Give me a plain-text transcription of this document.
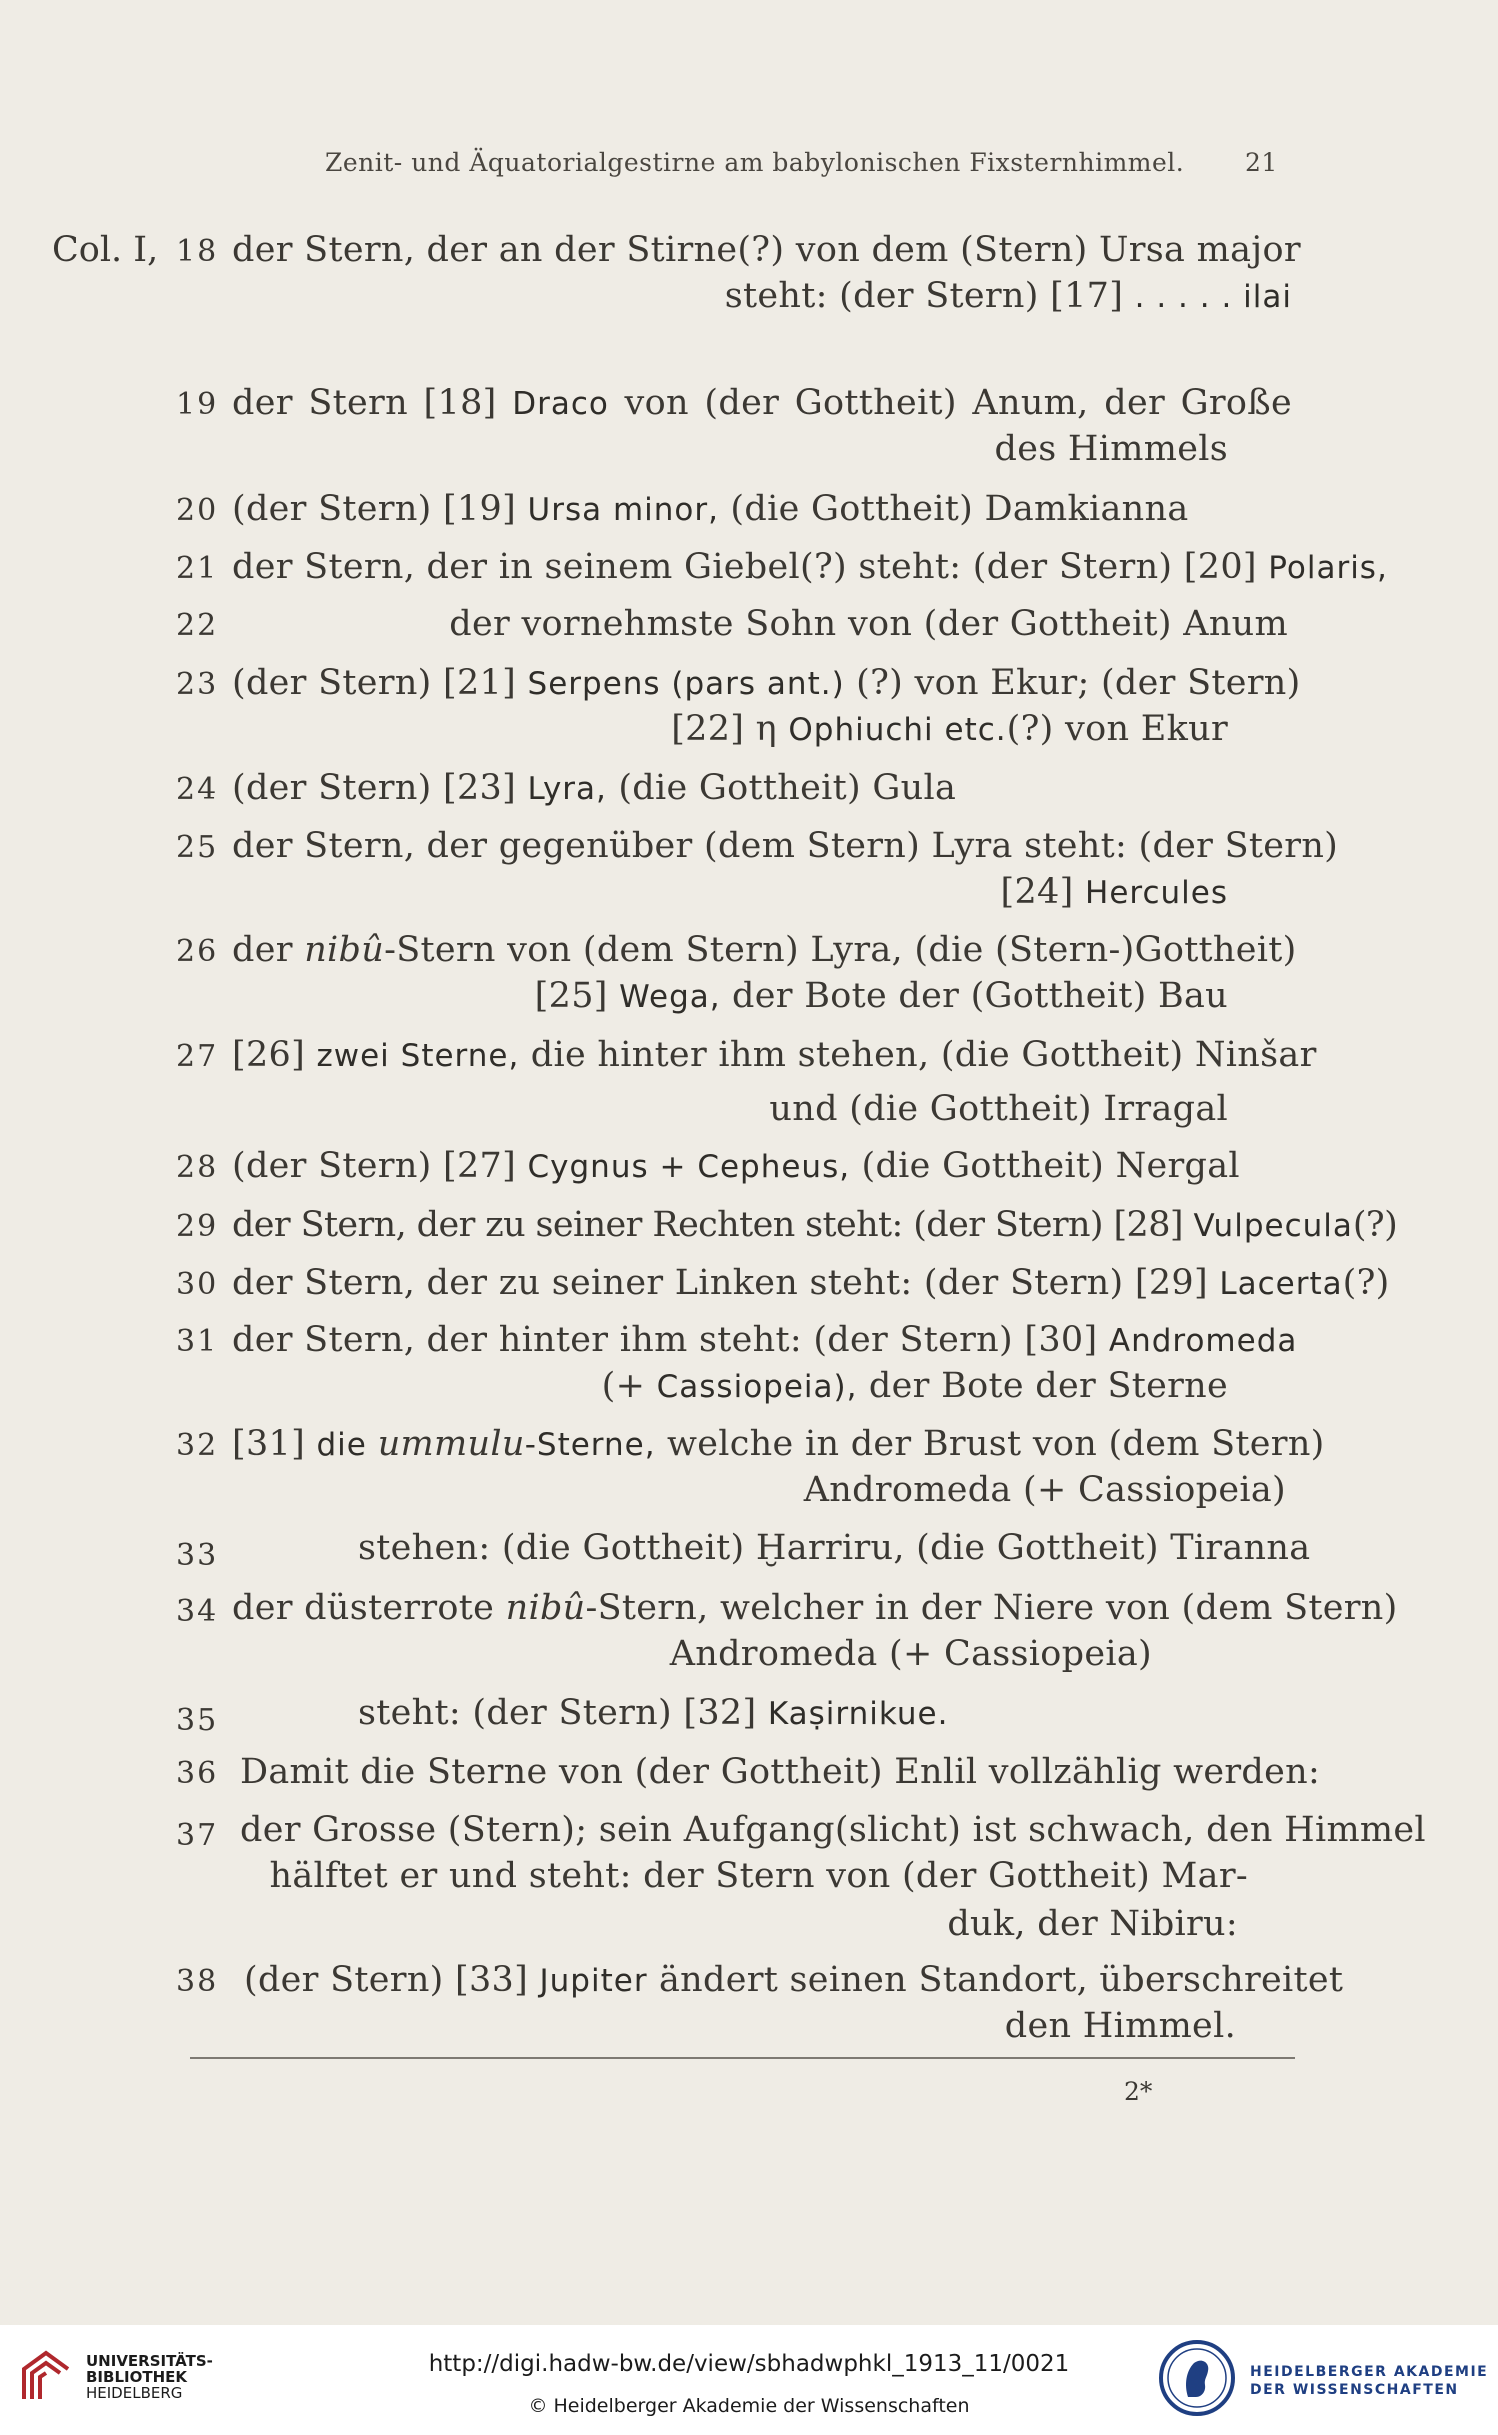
Zenit- und Äquatorialgestirne am babylonischen Fixsternhimmel. 21
Col. I, 18 der Stern, der an der Stirne(?) von dem (Stern) Ursa major
steht: (der Stern) [17] . . . . . ilai
19 der Stern [18] Draco von (der Gottheit) Anum, der Große
des Himmels
20 (der Stern) [19] Ursa minor, (die Gottheit) Damkianna
21 der Stern, der in seinem Giebel(?) steht: (der Stern) [20] Polaris,
22	der vornehmste Sohn von (der Gottheit) Anum
23 (der Stern) [21] Serpens (pars ant.) (?) von Ekur; (der Stern)
[22] η Ophiuchi etc.(?) von Ekur
24 (der Stern) [23] Lyra, (die Gottheit) Gula
25 der Stern, der gegenüber (dem Stern) Lyra steht: (der Stern)
[24] Hercules
26 der nibû-Stern von (dem Stern) Lyra, (die (Stern-)Gottheit)
[25] Wega, der Bote der (Gottheit) Bau
27 [26] zwei Sterne, die hinter ihm stehen, (die Gottheit) Ninšar
und (die Gottheit) Irragal
28 (der Stern) [27] Cygnus + Cepheus, (die Gottheit) Nergal
29 der Stern, der zu seiner Rechten steht: (der Stern) [28] Vulpecula(?)
30 der Stern, der zu seiner Linken steht: (der Stern) [29] Lacerta(?)
31 der Stern, der hinter ihm steht: (der Stern) [30] Andromeda
(+ Cassiopeia), der Bote der Sterne
32 [31] die ummulu-Sterne, welche in der Brust von (dem Stern)
Andromeda (+ Cassiopeia)
33	stehen: (die Gottheit) Ḫarriru, (die Gottheit) Tiranna
34 der düsterrote nibû-Stern, welcher in der Niere von (dem Stern)
Andromeda (+ Cassiopeia)
35	steht: (der Stern) [32] Kaṣirnikue.
36 Damit die Sterne von (der Gottheit) Enlil vollzählig werden:
37 der Grosse (Stern); sein Aufgang(slicht) ist schwach, den Himmel
hälftet er und steht: der Stern von (der Gottheit) Mar-
duk, der Nibiru:
38 (der Stern) [33] Jupiter ändert seinen Standort, überschreitet
den Himmel.
2*
UNIVERSITÄTS-
BIBLIOTHEK
HEIDELBERG
http://digi.hadw-bw.de/view/sbhadwphkl_1913_11/0021
© Heidelberger Akademie der Wissenschaften
HEIDELBERGER AKADEMIE
DER WISSENSCHAFTEN
